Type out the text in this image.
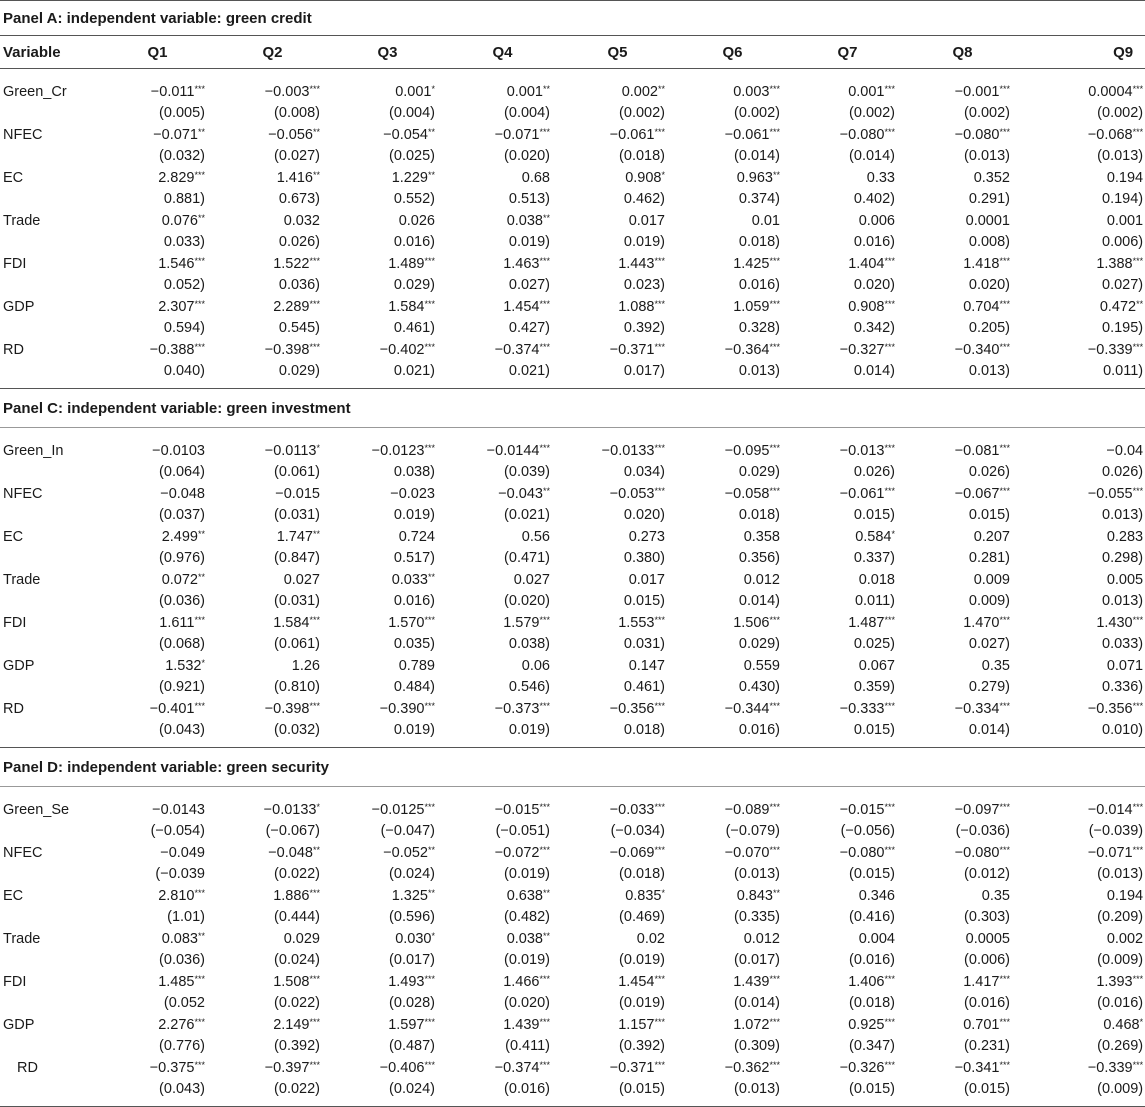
Panel A: independent variable: green credit									
Variable	Q1	Q2	Q3	Q4	Q5	Q6	Q7	Q8	Q9

Green_Cr	−0.011***	−0.003***	0.001*	0.001**	0.002**	0.003***	0.001***	−0.001***	0.0004***
	(0.005)	(0.008)	(0.004)	(0.004)	(0.002)	(0.002)	(0.002)	(0.002)	(0.002)
NFEC	−0.071**	−0.056**	−0.054**	−0.071***	−0.061***	−0.061***	−0.080***	−0.080***	−0.068***
	(0.032)	(0.027)	(0.025)	(0.020)	(0.018)	(0.014)	(0.014)	(0.013)	(0.013)
EC	2.829***	1.416**	1.229**	0.68	0.908*	0.963**	0.33	0.352	0.194
	0.881)	0.673)	0.552)	0.513)	0.462)	0.374)	0.402)	0.291)	0.194)
Trade	0.076**	0.032	0.026	0.038**	0.017	0.01	0.006	0.0001	0.001
	0.033)	0.026)	0.016)	0.019)	0.019)	0.018)	0.016)	0.008)	0.006)
FDI	1.546***	1.522***	1.489***	1.463***	1.443***	1.425***	1.404***	1.418***	1.388***
	0.052)	0.036)	0.029)	0.027)	0.023)	0.016)	0.020)	0.020)	0.027)
GDP	2.307***	2.289***	1.584***	1.454***	1.088***	1.059***	0.908***	0.704***	0.472**
	0.594)	0.545)	0.461)	0.427)	0.392)	0.328)	0.342)	0.205)	0.195)
RD	−0.388***	−0.398***	−0.402***	−0.374***	−0.371***	−0.364***	−0.327***	−0.340***	−0.339***
	0.040)	0.029)	0.021)	0.021)	0.017)	0.013)	0.014)	0.013)	0.011)

Panel C: independent variable: green investment									

Green_In	−0.0103	−0.0113*	−0.0123***	−0.0144***	−0.0133***	−0.095***	−0.013***	−0.081***	−0.04
	(0.064)	(0.061)	0.038)	(0.039)	0.034)	0.029)	0.026)	0.026)	0.026)
NFEC	−0.048	−0.015	−0.023	−0.043**	−0.053***	−0.058***	−0.061***	−0.067***	−0.055***
	(0.037)	(0.031)	0.019)	(0.021)	0.020)	0.018)	0.015)	0.015)	0.013)
EC	2.499**	1.747**	0.724	0.56	0.273	0.358	0.584*	0.207	0.283
	(0.976)	(0.847)	0.517)	(0.471)	0.380)	0.356)	0.337)	0.281)	0.298)
Trade	0.072**	0.027	0.033**	0.027	0.017	0.012	0.018	0.009	0.005
	(0.036)	(0.031)	0.016)	(0.020)	0.015)	0.014)	0.011)	0.009)	0.013)
FDI	1.611***	1.584***	1.570***	1.579***	1.553***	1.506***	1.487***	1.470***	1.430***
	(0.068)	(0.061)	0.035)	0.038)	0.031)	0.029)	0.025)	0.027)	0.033)
GDP	1.532*	1.26	0.789	0.06	0.147	0.559	0.067	0.35	0.071
	(0.921)	(0.810)	0.484)	0.546)	0.461)	0.430)	0.359)	0.279)	0.336)
RD	−0.401***	−0.398***	−0.390***	−0.373***	−0.356***	−0.344***	−0.333***	−0.334***	−0.356***
	(0.043)	(0.032)	0.019)	0.019)	0.018)	0.016)	0.015)	0.014)	0.010)

Panel D: independent variable: green security									

Green_Se	−0.0143	−0.0133*	−0.0125***	−0.015***	−0.033***	−0.089***	−0.015***	−0.097***	−0.014***
	(−0.054)	(−0.067)	(−0.047)	(−0.051)	(−0.034)	(−0.079)	(−0.056)	(−0.036)	(−0.039)
NFEC	−0.049	−0.048**	−0.052**	−0.072***	−0.069***	−0.070***	−0.080***	−0.080***	−0.071***
	(−0.039	(0.022)	(0.024)	(0.019)	(0.018)	(0.013)	(0.015)	(0.012)	(0.013)
EC	2.810***	1.886***	1.325**	0.638**	0.835*	0.843**	0.346	0.35	0.194
	(1.01)	(0.444)	(0.596)	(0.482)	(0.469)	(0.335)	(0.416)	(0.303)	(0.209)
Trade	0.083**	0.029	0.030*	0.038**	0.02	0.012	0.004	0.0005	0.002
	(0.036)	(0.024)	(0.017)	(0.019)	(0.019)	(0.017)	(0.016)	(0.006)	(0.009)
FDI	1.485***	1.508***	1.493***	1.466***	1.454***	1.439***	1.406***	1.417***	1.393***
	(0.052	(0.022)	(0.028)	(0.020)	(0.019)	(0.014)	(0.018)	(0.016)	(0.016)
GDP	2.276***	2.149***	1.597***	1.439***	1.157***	1.072***	0.925***	0.701***	0.468*
	(0.776)	(0.392)	(0.487)	(0.411)	(0.392)	(0.309)	(0.347)	(0.231)	(0.269)
RD	−0.375***	−0.397***	−0.406***	−0.374***	−0.371***	−0.362***	−0.326***	−0.341***	−0.339***
	(0.043)	(0.022)	(0.024)	(0.016)	(0.015)	(0.013)	(0.015)	(0.015)	(0.009)
